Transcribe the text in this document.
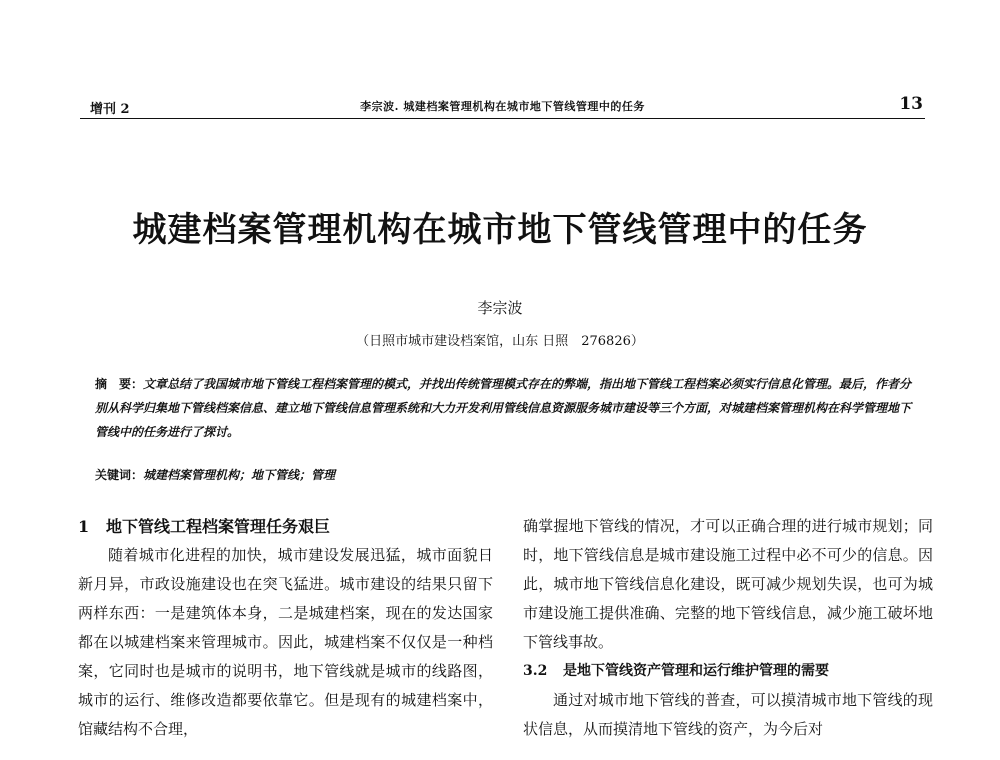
增刊 2	李宗波. 城建档案管理机构在城市地下管线管理中的任务	13
城建档案管理机构在城市地下管线管理中的任务
李宗波
（日照市城市建设档案馆，山东 日照　276826）
摘　要：文章总结了我国城市地下管线工程档案管理的模式，并找出传统管理模式存在的弊端，指出地下管线工程档案必须实行信息化管理。最后，作者分别从科学归集地下管线档案信息、建立地下管线信息管理系统和大力开发利用管线信息资源服务城市建设等三个方面，对城建档案管理机构在科学管理地下管线中的任务进行了探讨。
关键词：城建档案管理机构；地下管线；管理
1 地下管线工程档案管理任务艰巨

随着城市化进程的加快，城市建设发展迅猛，城市面貌日新月异，市政设施建设也在突飞猛进。城市建设的结果只留下两样东西：一是建筑体本身，二是城建档案，现在的发达国家都在以城建档案来管理城市。因此，城建档案不仅仅是一种档案，它同时也是城市的说明书，地下管线就是城市的线路图，城市的运行、维修改造都要依靠它。但是现有的城建档案中，馆藏结构不合理，

确掌握地下管线的情况，才可以正确合理的进行城市规划；同时，地下管线信息是城市建设施工过程中必不可少的信息。因此，城市地下管线信息化建设，既可减少规划失误，也可为城市建设施工提供准确、完整的地下管线信息，减少施工破坏地下管线事故。

3.2 是地下管线资产管理和运行维护管理的需要

通过对城市地下管线的普查，可以摸清城市地下管线的现状信息，从而摸清地下管线的资产，为今后对
